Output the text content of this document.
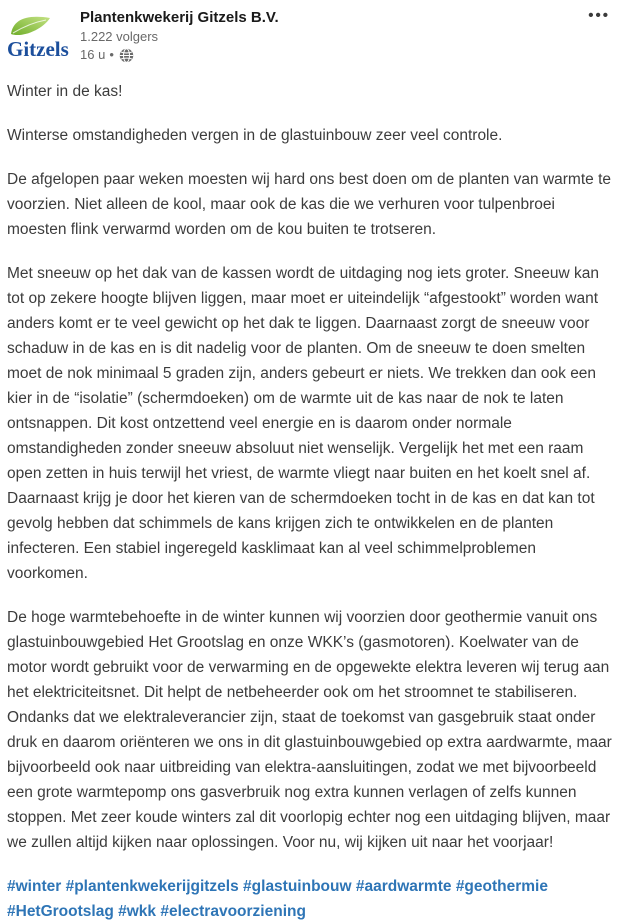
Gitzels
Plantenkwekerij Gitzels B.V.
1.222 volgers
16 u •
•••

Winter in de kas!

Winterse omstandigheden vergen in de glastuinbouw zeer veel controle.

De afgelopen paar weken moesten wij hard ons best doen om de planten van warmte te voorzien. Niet alleen de kool, maar ook de kas die we verhuren voor tulpenbroei moesten flink verwarmd worden om de kou buiten te trotseren.

Met sneeuw op het dak van de kassen wordt de uitdaging nog iets groter. Sneeuw kan tot op zekere hoogte blijven liggen, maar moet er uiteindelijk “afgestookt” worden want anders komt er te veel gewicht op het dak te liggen. Daarnaast zorgt de sneeuw voor schaduw in de kas en is dit nadelig voor de planten. Om de sneeuw te doen smelten moet de nok minimaal 5 graden zijn, anders gebeurt er niets. We trekken dan ook een kier in de “isolatie” (schermdoeken) om de warmte uit de kas naar de nok te laten ontsnappen. Dit kost ontzettend veel energie en is daarom onder normale omstandigheden zonder sneeuw absoluut niet wenselijk. Vergelijk het met een raam open zetten in huis terwijl het vriest, de warmte vliegt naar buiten en het koelt snel af. Daarnaast krijg je door het kieren van de schermdoeken tocht in de kas en dat kan tot gevolg hebben dat schimmels de kans krijgen zich te ontwikkelen en de planten infecteren. Een stabiel ingeregeld kasklimaat kan al veel schimmelproblemen voorkomen.

De hoge warmtebehoefte in de winter kunnen wij voorzien door geothermie vanuit ons glastuinbouwgebied Het Grootslag en onze WKK’s (gasmotoren). Koelwater van de motor wordt gebruikt voor de verwarming en de opgewekte elektra leveren wij terug aan het elektriciteitsnet. Dit helpt de netbeheerder ook om het stroomnet te stabiliseren. Ondanks dat we elektraleverancier zijn, staat de toekomst van gasgebruik staat onder druk en daarom oriënteren we ons in dit glastuinbouwgebied op extra aardwarmte, maar bijvoorbeeld ook naar uitbreiding van elektra-aansluitingen, zodat we met bijvoorbeeld een grote warmtepomp ons gasverbruik nog extra kunnen verlagen of zelfs kunnen stoppen. Met zeer koude winters zal dit voorlopig echter nog een uitdaging blijven, maar we zullen altijd kijken naar oplossingen. Voor nu, wij kijken uit naar het voorjaar!

#winter #plantenkwekerijgitzels #glastuinbouw #aardwarmte #geothermie #HetGrootslag #wkk #electravoorziening
